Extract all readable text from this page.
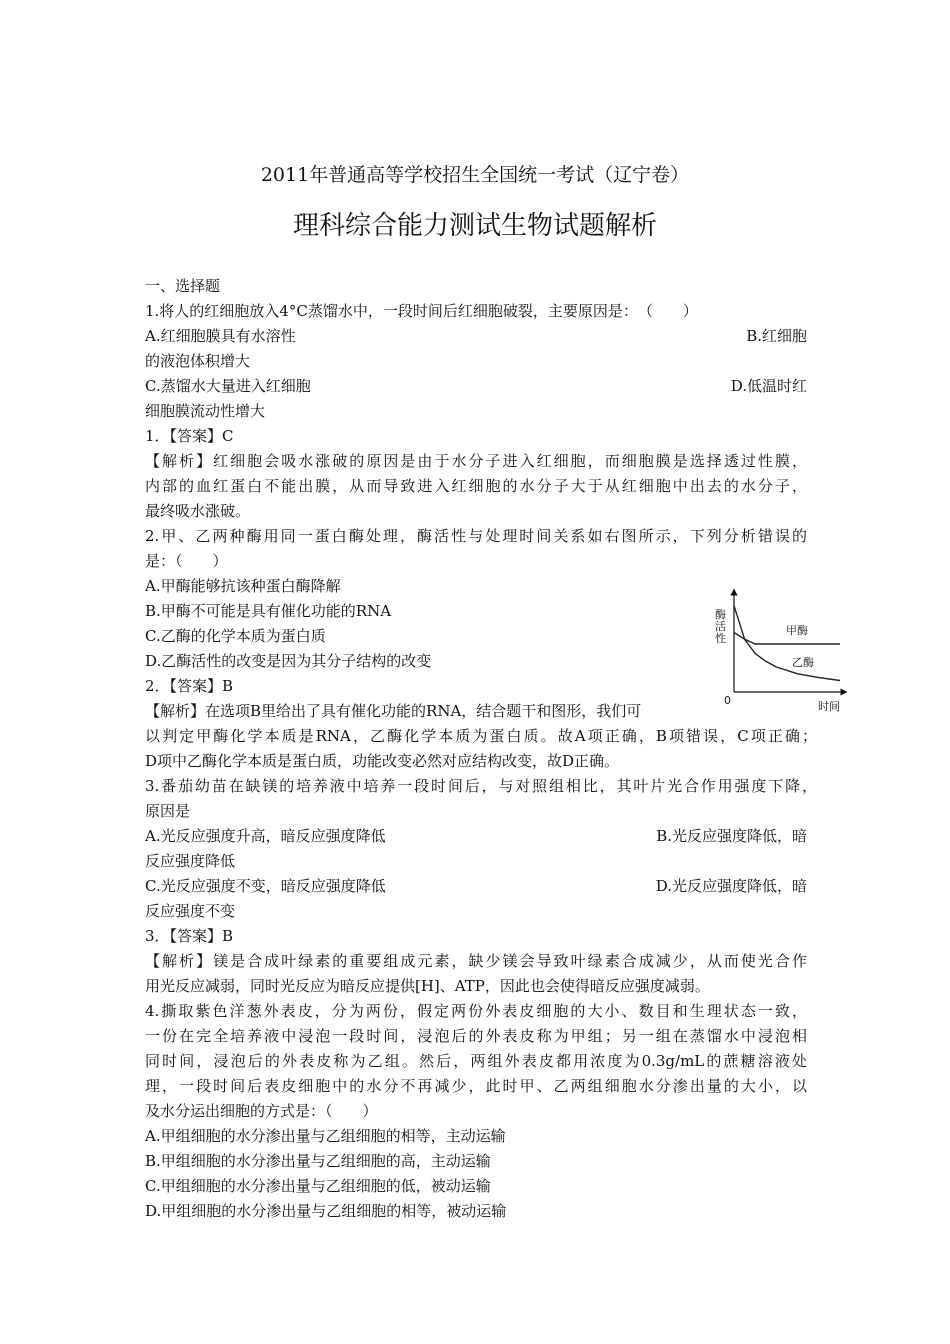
2011年普通高等学校招生全国统一考试（辽宁卷）
理科综合能力测试生物试题解析
一、选择题
1.将人的红细胞放入4°C蒸馏水中，一段时间后红细胞破裂，主要原因是：　（　　）
A.红细胞膜具有水溶性	B.红细胞
的液泡体积增大
C.蒸馏水大量进入红细胞	D.低温时红
细胞膜流动性增大
1．【答案】C
【解析】红细胞会吸水涨破的原因是由于水分子进入红细胞，而细胞膜是选择透过性膜，
内部的血红蛋白不能出膜，从而导致进入红细胞的水分子大于从红细胞中出去的水分子，
最终吸水涨破。
2.甲、乙两种酶用同一蛋白酶处理，酶活性与处理时间关系如右图所示，下列分析错误的
是：（　　）
A.甲酶能够抗该种蛋白酶降解
B.甲酶不可能是具有催化功能的RNA
C.乙酶的化学本质为蛋白质
D.乙酶活性的改变是因为其分子结构的改变
2．【答案】B
【解析】在选项B里给出了具有催化功能的RNA，结合题干和图形，我们可
以判定甲酶化学本质是RNA，乙酶化学本质为蛋白质。故A项正确，B项错误，C项正确；
D项中乙酶化学本质是蛋白质，功能改变必然对应结构改变，故D正确。
3.番茄幼苗在缺镁的培养液中培养一段时间后，与对照组相比，其叶片光合作用强度下降，
原因是
A.光反应强度升高，暗反应强度降低	B.光反应强度降低，暗
反应强度降低
C.光反应强度不变，暗反应强度降低	D.光反应强度降低，暗
反应强度不变
3．【答案】B
【解析】镁是合成叶绿素的重要组成元素，缺少镁会导致叶绿素合成减少，从而使光合作
用光反应减弱，同时光反应为暗反应提供[H]、ATP，因此也会使得暗反应强度减弱。
4.撕取紫色洋葱外表皮，分为两份，假定两份外表皮细胞的大小、数目和生理状态一致，
一份在完全培养液中浸泡一段时间，浸泡后的外表皮称为甲组；另一组在蒸馏水中浸泡相
同时间，浸泡后的外表皮称为乙组。然后，两组外表皮都用浓度为0.3g/mL的蔗糖溶液处
理，一段时间后表皮细胞中的水分不再减少，此时甲、乙两组细胞水分渗出量的大小，以
及水分运出细胞的方式是：（　　）
A.甲组细胞的水分渗出量与乙组细胞的相等，主动运输
B.甲组细胞的水分渗出量与乙组细胞的高，主动运输
C.甲组细胞的水分渗出量与乙组细胞的低，被动运输
D.甲组细胞的水分渗出量与乙组细胞的相等，被动运输
酶活性
时间
0
甲酶
乙酶
